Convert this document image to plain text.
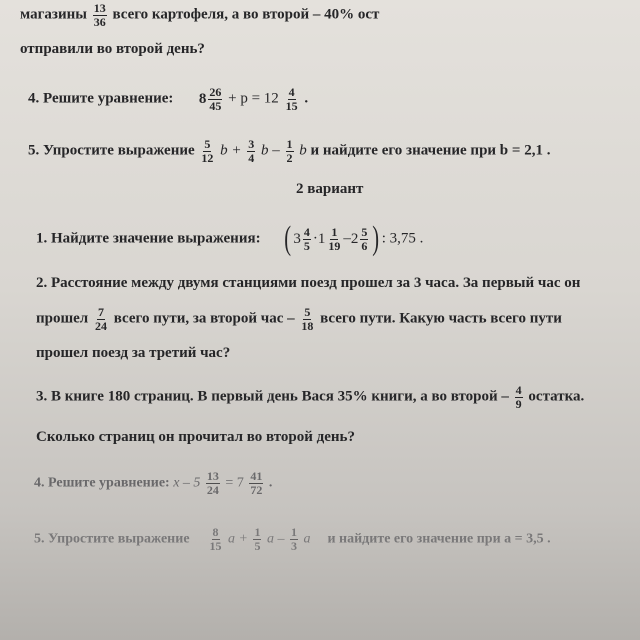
магазины $\frac{13}{36}$ всего картофеля, а во второй – 40% ост
отправили во второй день?
4. Решите уравнение: $8 \frac{26}{45} + p = 12 \frac{4}{15}$ .
5. Упростите выражение $\frac{5}{12}$ $b + \frac{3}{4}$ b – $\frac{1}{2}$ b и найдите его значение при b = 2,1 .
2 вариант
1. Найдите значение выражения: ( $3 \frac{4}{5} \cdot 1 \frac{1}{19} - 2 \frac{5}{6}$ ) : 3,75 .
2. Расстояние между двумя станциями поезд прошел за 3 часа. За первый час он
прошел $\frac{7}{24}$ всего пути, за второй час – $\frac{5}{18}$ всего пути. Какую часть всего пути
прошел поезд за третий час?
3. В книге 180 страниц. В первый день Вася 35% книги, а во второй – $\frac{4}{9}$ остатка.
Сколько страниц он прочитал во второй день?
4. Решите уравнение: $x - 5 \frac{13}{24} = 7 \frac{41}{72}$ .
5. Упростите выражение $\frac{8}{15}$ $a + \frac{1}{5}$ a – $\frac{1}{3}$ a и найдите его значение при a = 3,5 .
